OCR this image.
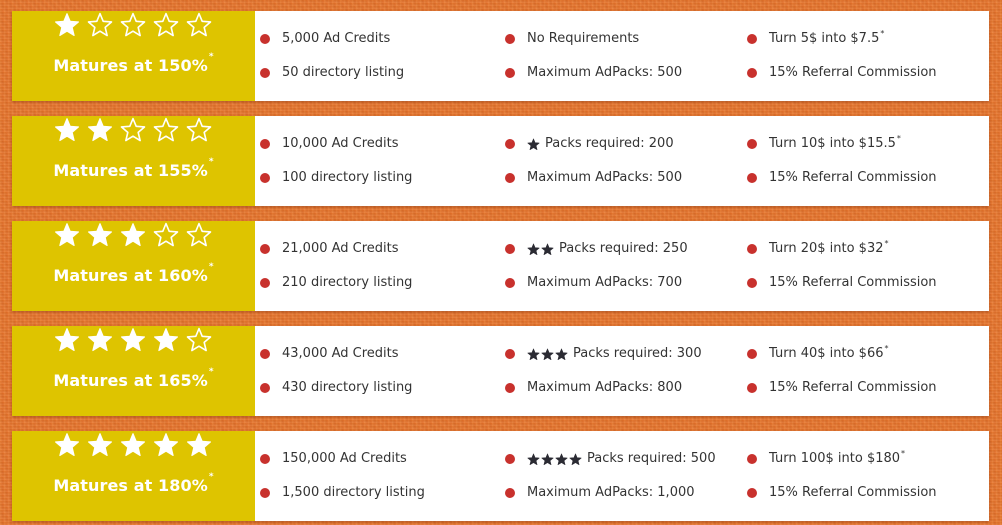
Matures at 150%*
5,000 Ad Credits
50 directory listing
No Requirements
Maximum AdPacks: 500
Turn 5$ into $7.5*
15% Referral Commission
Matures at 155%*
10,000 Ad Credits
100 directory listing
Packs required: 200
Maximum AdPacks: 500
Turn 10$ into $15.5*
15% Referral Commission
Matures at 160%*
21,000 Ad Credits
210 directory listing
Packs required: 250
Maximum AdPacks: 700
Turn 20$ into $32*
15% Referral Commission
Matures at 165%*
43,000 Ad Credits
430 directory listing
Packs required: 300
Maximum AdPacks: 800
Turn 40$ into $66*
15% Referral Commission
Matures at 180%*
150,000 Ad Credits
1,500 directory listing
Packs required: 500
Maximum AdPacks: 1,000
Turn 100$ into $180*
15% Referral Commission
